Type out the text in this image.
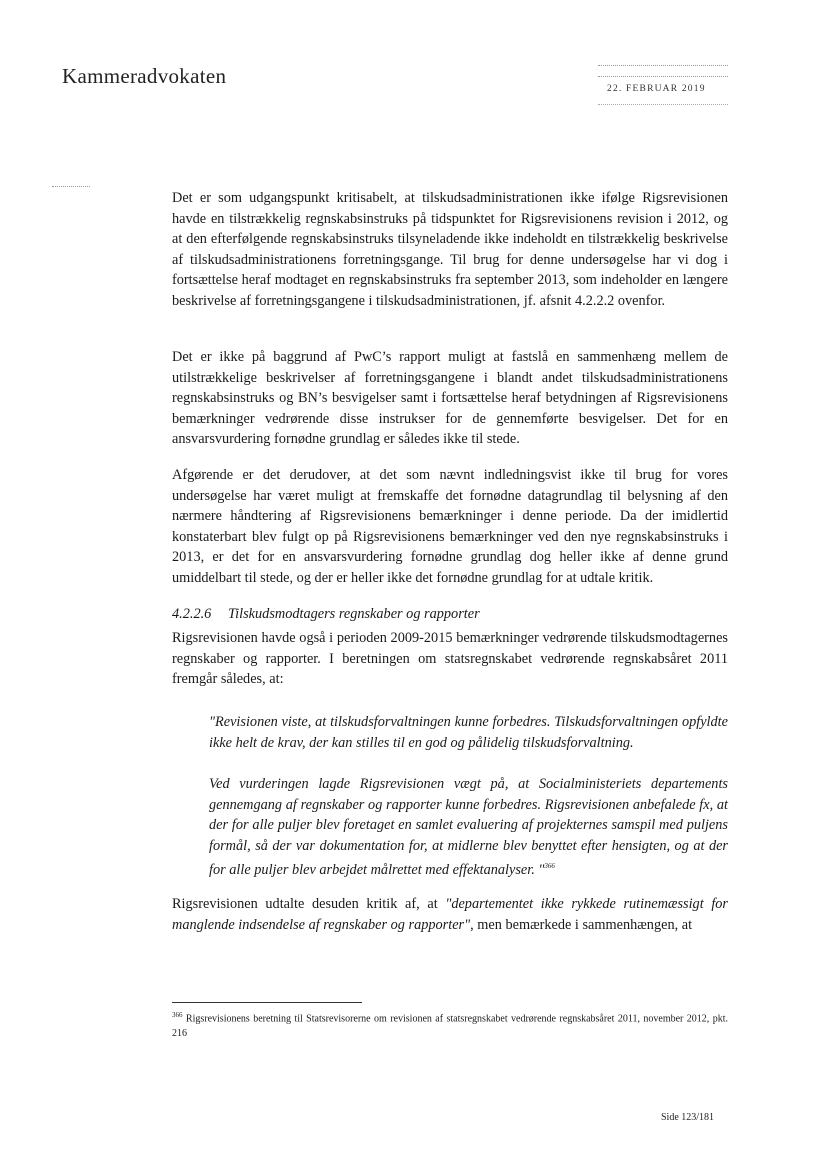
Kammeradvokaten
22. FEBRUAR 2019
Det er som udgangspunkt kritisabelt, at tilskudsadministrationen ikke ifølge Rigsrevisionen havde en tilstrækkelig regnskabsinstruks på tidspunktet for Rigsrevisionens revision i 2012, og at den efterfølgende regnskabsinstruks tilsyneladende ikke indeholdt en tilstrækkelig beskrivelse af tilskudsadministrationens forretningsgange. Til brug for denne undersøgelse har vi dog i fortsættelse heraf modtaget en regnskabsinstruks fra september 2013, som indeholder en længere beskrivelse af forretningsgangene i tilskudsadministrationen, jf. afsnit 4.2.2.2 ovenfor.
Det er ikke på baggrund af PwC’s rapport muligt at fastslå en sammenhæng mellem de utilstrækkelige beskrivelser af forretningsgangene i blandt andet tilskudsadministrationens regnskabsinstruks og BN’s besvigelser samt i fortsættelse heraf betydningen af Rigsrevisionens bemærkninger vedrørende disse instrukser for de gennemførte besvigelser. Det for en ansvarsvurdering fornødne grundlag er således ikke til stede.
Afgørende er det derudover, at det som nævnt indledningsvist ikke til brug for vores undersøgelse har været muligt at fremskaffe det fornødne datagrundlag til belysning af den nærmere håndtering af Rigsrevisionens bemærkninger i denne periode. Da der imidlertid konstaterbart blev fulgt op på Rigsrevisionens bemærkninger ved den nye regnskabsinstruks i 2013, er det for en ansvarsvurdering fornødne grundlag dog heller ikke af denne grund umiddelbart til stede, og der er heller ikke det fornødne grundlag for at udtale kritik.
4.2.2.6 Tilskudsmodtagers regnskaber og rapporter
Rigsrevisionen havde også i perioden 2009-2015 bemærkninger vedrørende tilskudsmodtagernes regnskaber og rapporter. I beretningen om statsregnskabet vedrørende regnskabsåret 2011 fremgår således, at:
"Revisionen viste, at tilskudsforvaltningen kunne forbedres. Tilskudsforvaltningen opfyldte ikke helt de krav, der kan stilles til en god og pålidelig tilskudsforvaltning.
Ved vurderingen lagde Rigsrevisionen vægt på, at Socialministeriets departements gennemgang af regnskaber og rapporter kunne forbedres. Rigsrevisionen anbefalede fx, at der for alle puljer blev foretaget en samlet evaluering af projekternes samspil med puljens formål, så der var dokumentation for, at midlerne blev benyttet efter hensigten, og at der for alle puljer blev arbejdet målrettet med effektanalyser. "$^{366}$
Rigsrevisionen udtalte desuden kritik af, at "departementet ikke rykkede rutinemæssigt for manglende indsendelse af regnskaber og rapporter", men bemærkede i sammenhængen, at
$^{366}$ Rigsrevisionens beretning til Statsrevisorerne om revisionen af statsregnskabet vedrørende regnskabsåret 2011, november 2012, pkt. 216
Side 123/181
